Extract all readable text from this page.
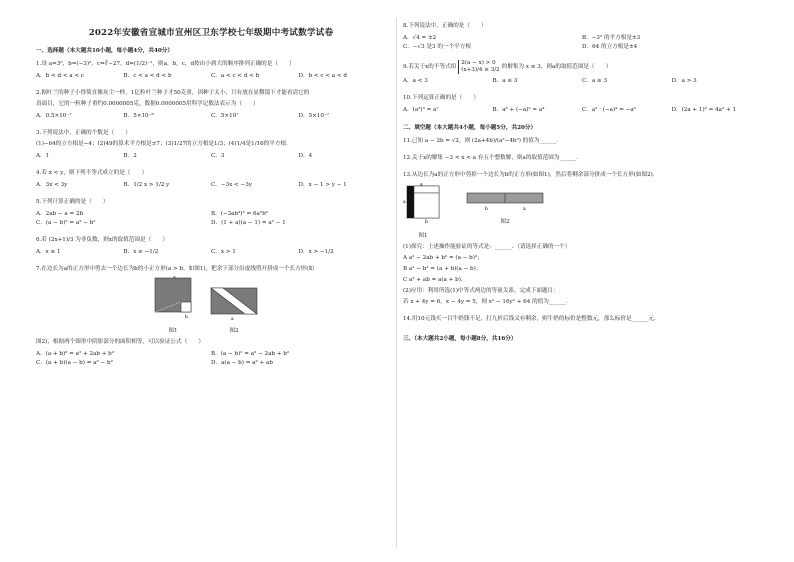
2022年安徽省宣城市宣州区卫东学校七年级期中考试数学试卷
一、选择题（本大题共10小题，每小题4分，共40分）
1.设 a=3⁰，b=(−3)²，c=∛−27，d=(1/2)⁻¹，则a，b，c，d按由小到大的顺序排列正确的是（　　）
A．b < d < a < c	B．c < a < d < b	C．a < c < d < b	D．b < c < a < d
2.据叶兰的种子小得简直像灰尘一样，1亿粒叶兰种子才50克重，因种子太小，只有放在显微镜下才能看清它的
真面目，它的一粒种子重约0.0000005克，数据0.0000005用科学记数法表示为（　　）
A．0.5×10⁻⁷	B．5×10⁻⁸	C．5×10⁷	D．5×10⁻⁷
3.下列说法中，正确的个数是（　　）
(1)−64的立方根是−4；(2)49的算术平方根是±7；(3)1/27的立方根是1/3；(4)1/4是1/16的平方根．
A．1	B．2	C．3	D．4
4.若 x < y，则下列不等式成立的是（　　）
A．3x < 3y	B．1/2 x > 1/2 y	C．−3x < −3y	D．x − 1 > y − 1
5.下列计算正确的是（　　）
A．2ab − a = 2b	B．(−3ab³)² = 6a²b⁶
C．(a − b)² = a² − b²	D．(1 + a)(a − 1) = a² − 1
6.若 (2x+1)/3 为非负数，则x的取值范围是（　　）
A．x ≥ 1	B．x ≥ −1/2	C．x > 1	D．x > −1/2
7.在边长为a的正方形中剪去一个边长为b的小正方形(a > b，如图1)，把余下部分沿虚线剪开拼成一个长方形(如
a
b
图1
a
图2
图2)，根据两个图形中阴影部分的面积相等，可以验证公式（　　）
A．(a + b)² = a² + 2ab + b²	B．(a − b)² = a² − 2ab + b²
C．(a + b)(a − b) = a² − b²	D．a(a − b) = a² + ab
8.下列说法中，正确的是（　　）
A．√4 = ±2	B．−3² 的平方根是±3
C．−√3 是3 的一个平方根	D．64 的立方根是±4
9.若关于x的不等式组
2(a − x) > 0
(x+3)/4 ≤ 3/2
的解集为 x ≤ 3，则a的取值范围是（　　）
A．a < 3	B．a ≤ 3	C．a ≥ 3	D．a > 3
10.下列运算正确的是（　　）
A．(a³)³ = a⁷	B．a⁸ + (−a)² = a⁴	C．a² · (−a)³ = −a⁶	D．(2a + 1)² = 4a² + 1
二、填空题（本大题共4小题，每小题5分，共20分）
11.已知 a − 2b = √2，则 (2a+4b)/(a²−4b²) 的值为______．
12.关于x的解集 −3 < x < a 有五个整数解，则a的取值范围为______．
13.从边长为a的正方形中剪掉一个边长为b的正方形(如图1)，然后将剩余部分拼成一个长方形(如图2)．
a
a
b
图1
b	a
图2
(1)探究：上述操作能验证的等式是：______．（请选择正确的一个）
A a² − 2ab + b² = (a − b)²；
B a² − b² = (a + b)(a − b)；
C a² + ab = a(a + b)．
(2)应用：利用所选(1)中等式两边的等量关系，完成下面题目：
若 x + 4y = 6，x − 4y = 5，则 x² − 16y² + 64 的值为______．
14.用10元钱买一目牛奶钱不足，打九折后钱又有剩余，则牛奶的标价是整数元，那么标价是______元．
三、（本大题共2小题，每小题8分，共16分）
